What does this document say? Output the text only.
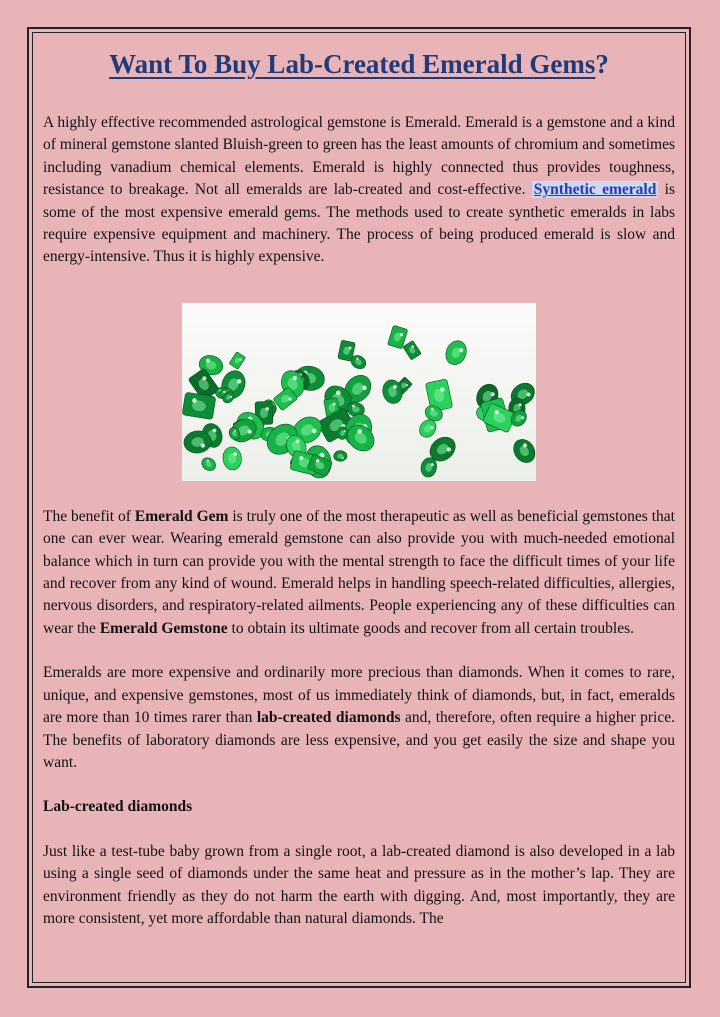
Want To Buy Lab-Created Emerald Gems?

A highly effective recommended astrological gemstone is Emerald. Emerald is a gemstone and a kind of mineral gemstone slanted Bluish-green to green has the least amounts of chromium and sometimes including vanadium chemical elements. Emerald is highly connected thus provides toughness, resistance to breakage. Not all emeralds are lab-created and cost-effective. Synthetic emerald is some of the most expensive emerald gems. The methods used to create synthetic emeralds in labs require expensive equipment and machinery. The process of being produced emerald is slow and energy-intensive. Thus it is highly expensive.

The benefit of Emerald Gem is truly one of the most therapeutic as well as beneficial gemstones that one can ever wear. Wearing emerald gemstone can also provide you with much-needed emotional balance which in turn can provide you with the mental strength to face the difficult times of your life and recover from any kind of wound. Emerald helps in handling speech-related difficulties, allergies, nervous disorders, and respiratory-related ailments. People experiencing any of these difficulties can wear the Emerald Gemstone to obtain its ultimate goods and recover from all certain troubles.

Emeralds are more expensive and ordinarily more precious than diamonds. When it comes to rare, unique, and expensive gemstones, most of us immediately think of diamonds, but, in fact, emeralds are more than 10 times rarer than lab-created diamonds and, therefore, often require a higher price. The benefits of laboratory diamonds are less expensive, and you get easily the size and shape you want.

Lab-created diamonds

Just like a test-tube baby grown from a single root, a lab-created diamond is also developed in a lab using a single seed of diamonds under the same heat and pressure as in the mother’s lap. They are environment friendly as they do not harm the earth with digging. And, most importantly, they are more consistent, yet more affordable than natural diamonds. The
